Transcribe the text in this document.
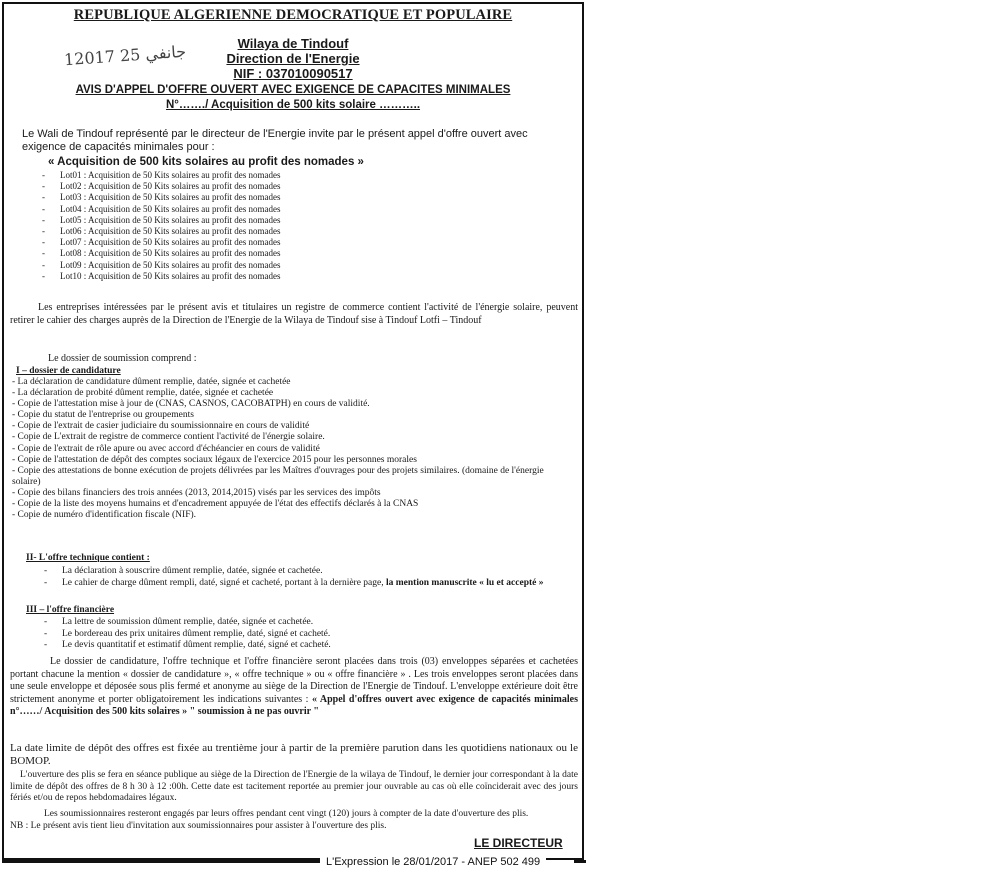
REPUBLIQUE ALGERIENNE DEMOCRATIQUE ET POPULAIRE
12017 جانفي 25	Wilaya de Tindouf
Direction de l'Energie
NIF : 037010090517
AVIS D'APPEL D'OFFRE OUVERT AVEC EXIGENCE DE CAPACITES MINIMALES
N°……./ Acquisition de 500 kits solaire ………..
Le Wali de Tindouf représenté par le directeur de l'Energie invite par le présent appel d'offre ouvert avec exigence de capacités minimales pour :
« Acquisition de 500 kits solaires au profit des nomades »
- Lot01 : Acquisition de 50 Kits solaires au profit des nomades
- Lot02 : Acquisition de 50 Kits solaires au profit des nomades
- Lot03 : Acquisition de 50 Kits solaires au profit des nomades
- Lot04 : Acquisition de 50 Kits solaires au profit des nomades
- Lot05 : Acquisition de 50 Kits solaires au profit des nomades
- Lot06 : Acquisition de 50 Kits solaires au profit des nomades
- Lot07 : Acquisition de 50 Kits solaires au profit des nomades
- Lot08 : Acquisition de 50 Kits solaires au profit des nomades
- Lot09 : Acquisition de 50 Kits solaires au profit des nomades
- Lot10 : Acquisition de 50 Kits solaires au profit des nomades
Les entreprises intéressées par le présent avis et titulaires un registre de commerce contient l'activité de l'énergie solaire, peuvent retirer le cahier des charges auprès de la Direction de l'Energie de la Wilaya de Tindouf sise à Tindouf Lotfi – Tindouf
Le dossier de soumission comprend :
I – dossier de candidature
- La déclaration de candidature dûment remplie, datée, signée et cachetée
- La déclaration de probité dûment remplie, datée, signée et cachetée
- Copie de l'attestation mise à jour de (CNAS, CASNOS, CACOBATPH) en cours de validité.
- Copie du statut de l'entreprise ou groupements
- Copie de l'extrait de casier judiciaire du soumissionnaire en cours de validité
- Copie de L'extrait de registre de commerce contient l'activité de l'énergie solaire.
- Copie de l'extrait de rôle apure ou avec accord d'échéancier en cours de validité
- Copie de l'attestation de dépôt des comptes sociaux légaux de l'exercice 2015 pour les personnes morales
- Copie des attestations de bonne exécution de projets délivrées par les Maîtres d'ouvrages pour des projets similaires. (domaine de l'énergie solaire)
- Copie des bilans financiers des trois années (2013, 2014,2015) visés par les services des impôts
- Copie de la liste des moyens humains et d'encadrement appuyée de l'état des effectifs déclarés à la CNAS
- Copie de numéro d'identification fiscale (NIF).
II- L'offre technique contient :
- La déclaration à souscrire dûment remplie, datée, signée et cachetée.
- Le cahier de charge dûment rempli, daté, signé et cacheté, portant à la dernière page, la mention manuscrite « lu et accepté »
III – l'offre financière
- La lettre de soumission dûment remplie, datée, signée et cachetée.
- Le bordereau des prix unitaires dûment remplie, daté, signé et cacheté.
- Le devis quantitatif et estimatif dûment remplie, daté, signé et cacheté.
Le dossier de candidature, l'offre technique et l'offre financière seront placées dans trois (03) enveloppes séparées et cachetées portant chacune la mention « dossier de candidature », « offre technique » ou « offre financière » . Les trois enveloppes seront placées dans une seule enveloppe et déposée sous plis fermé et anonyme au siège de la Direction de l'Energie de Tindouf. L'enveloppe extérieure doit être strictement anonyme et porter obligatoirement les indications suivantes : « Appel d'offres ouvert avec exigence de capacités minimales n°……/ Acquisition des 500 kits solaires » " soumission à ne pas ouvrir "
La date limite de dépôt des offres est fixée au trentième jour à partir de la première parution dans les quotidiens nationaux ou le BOMOP.
L'ouverture des plis se fera en séance publique au siège de la Direction de l'Energie de la wilaya de Tindouf, le dernier jour correspondant à la date limite de dépôt des offres de 8 h 30 à 12 :00h. Cette date est tacitement reportée au premier jour ouvrable au cas où elle coïnciderait avec des jours fériés et/ou de repos hebdomadaires légaux.
Les soumissionnaires resteront engagés par leurs offres pendant cent vingt (120) jours à compter de la date d'ouverture des plis.
NB : Le présent avis tient lieu d'invitation aux soumissionnaires pour assister à l'ouverture des plis.
LE DIRECTEUR
L'Expression le 28/01/2017 - ANEP 502 499
